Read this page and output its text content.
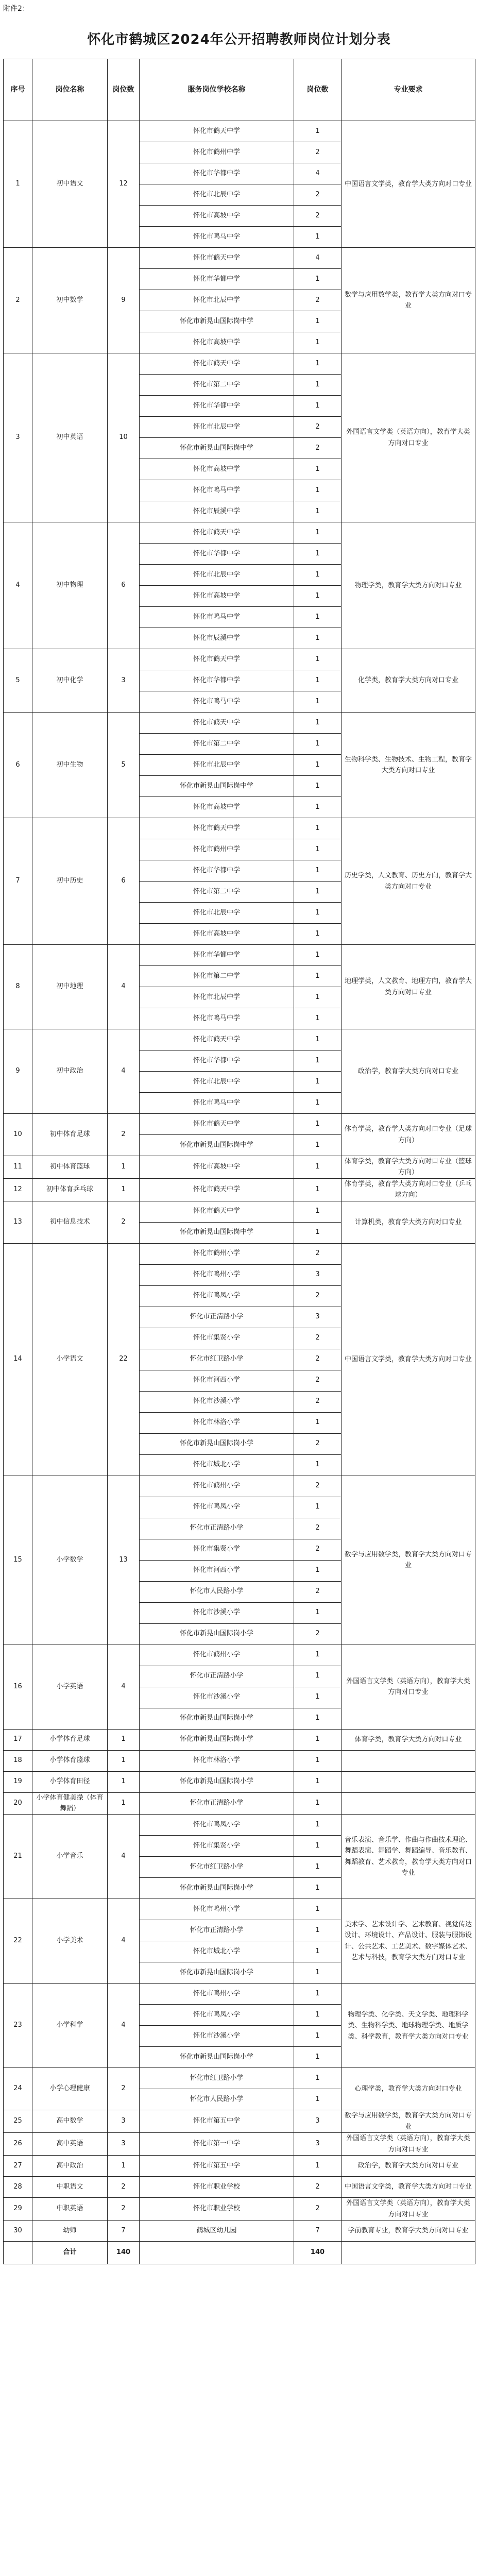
附件2：
怀化市鹤城区2024年公开招聘教师岗位计划分表
序号	岗位名称	岗位数	服务岗位学校名称	岗位数	专业要求
1	初中语文	12	怀化市鹤天中学	1	中国语言文学类，教育学大类方向对口专业
			怀化市鹤州中学	2	
			怀化市华都中学	4	
			怀化市北辰中学	2	
			怀化市高坡中学	2	
			怀化市鸣马中学	1	
2	初中数学	9	怀化市鹤天中学	4	数学与应用数学类，教育学大类方向对口专业
			怀化市华都中学	1	
			怀化市北辰中学	2	
			怀化市新晃山国际岗中学	1	
			怀化市高坡中学	1	
3	初中英语	10	怀化市鹤天中学	1	外国语言文学类（英语方向），教育学大类方向对口专业
			怀化市第二中学	1	
			怀化市华都中学	1	
			怀化市北辰中学	2	
			怀化市新晃山国际岗中学	2	
			怀化市高坡中学	1	
			怀化市鸣马中学	1	
			怀化市辰溪中学	1	
4	初中物理	6	怀化市鹤天中学	1	物理学类，教育学大类方向对口专业
			怀化市华都中学	1	
			怀化市北辰中学	1	
			怀化市高坡中学	1	
			怀化市鸣马中学	1	
			怀化市辰溪中学	1	
5	初中化学	3	怀化市鹤天中学	1	化学类，教育学大类方向对口专业
			怀化市华都中学	1	
			怀化市鸣马中学	1	
6	初中生物	5	怀化市鹤天中学	1	生物科学类、生物技术、生物工程，教育学大类方向对口专业
			怀化市第二中学	1	
			怀化市北辰中学	1	
			怀化市新晃山国际岗中学	1	
			怀化市高坡中学	1	
7	初中历史	6	怀化市鹤天中学	1	历史学类，人文教育、历史方向，教育学大类方向对口专业
			怀化市鹤州中学	1	
			怀化市华都中学	1	
			怀化市第二中学	1	
			怀化市北辰中学	1	
			怀化市高坡中学	1	
8	初中地理	4	怀化市华都中学	1	地理学类，人文教育、地理方向，教育学大类方向对口专业
			怀化市第二中学	1	
			怀化市北辰中学	1	
			怀化市鸣马中学	1	
9	初中政治	4	怀化市鹤天中学	1	政治学，教育学大类方向对口专业
			怀化市华都中学	1	
			怀化市北辰中学	1	
			怀化市鸣马中学	1	
10	初中体育足球	2	怀化市鹤天中学	1	体育学类，教育学大类方向对口专业（足球方向）
			怀化市新晃山国际岗中学	1	
11	初中体育篮球	1	怀化市高坡中学	1	体育学类，教育学大类方向对口专业（篮球方向）
12	初中体育乒乓球	1	怀化市鹤天中学	1	体育学类，教育学大类方向对口专业（乒乓球方向）
13	初中信息技术	2	怀化市鹤天中学	1	计算机类，教育学大类方向对口专业
			怀化市新晃山国际岗中学	1	
14	小学语文	22	怀化市鹤州小学	2	中国语言文学类，教育学大类方向对口专业
			怀化市鸣州小学	3	
			怀化市鸣凤小学	2	
			怀化市正清路小学	3	
			怀化市集贤小学	2	
			怀化市红卫路小学	2	
			怀化市河西小学	2	
			怀化市沙溪小学	2	
			怀化市林洛小学	1	
			怀化市新晃山国际岗小学	2	
			怀化市城北小学	1	
15	小学数学	13	怀化市鹤州小学	2	数学与应用数学类，教育学大类方向对口专业
			怀化市鸣凤小学	1	
			怀化市正清路小学	2	
			怀化市集贤小学	2	
			怀化市河西小学	1	
			怀化市人民路小学	2	
			怀化市沙溪小学	1	
			怀化市新晃山国际岗小学	2	
16	小学英语	4	怀化市鹤州小学	1	外国语言文学类（英语方向），教育学大类方向对口专业
			怀化市正清路小学	1	
			怀化市沙溪小学	1	
			怀化市新晃山国际岗小学	1	
17	小学体育足球	1	怀化市新晃山国际岗小学	1	体育学类，教育学大类方向对口专业
18	小学体育篮球	1	怀化市林洛小学	1	
19	小学体育田径	1	怀化市新晃山国际岗小学	1	
20	小学体育健美操（体育舞蹈）	1	怀化市正清路小学	1	
21	小学音乐	4	怀化市鸣凤小学	1	音乐表演、音乐学、作曲与作曲技术理论、舞蹈表演、舞蹈学、舞蹈编导、音乐教育、舞蹈教育、艺术教育，教育学大类方向对口专业
			怀化市集贤小学	1	
			怀化市红卫路小学	1	
			怀化市新晃山国际岗小学	1	
22	小学美术	4	怀化市鸣州小学	1	美术学、艺术设计学、艺术教育、视觉传达设计、环境设计、产品设计、服装与服饰设计、公共艺术、工艺美术、数字媒体艺术、艺术与科技，教育学大类方向对口专业
			怀化市正清路小学	1	
			怀化市城北小学	1	
			怀化市新晃山国际岗小学	1	
23	小学科学	4	怀化市鸣州小学	1	物理学类、化学类、天文学类、地理科学类、生物科学类、地球物理学类、地质学类、科学教育，教育学大类方向对口专业
			怀化市鸣凤小学	1	
			怀化市沙溪小学	1	
			怀化市新晃山国际岗小学	1	
24	小学心理健康	2	怀化市红卫路小学	1	心理学类，教育学大类方向对口专业
			怀化市人民路小学	1	
25	高中数学	3	怀化市第五中学	3	数学与应用数学类，教育学大类方向对口专业
26	高中英语	3	怀化市第一中学	3	外国语言文学类（英语方向），教育学大类方向对口专业
27	高中政治	1	怀化市第五中学	1	政治学，教育学大类方向对口专业
28	中职语文	2	怀化市职业学校	2	中国语言文学类，教育学大类方向对口专业
29	中职英语	2	怀化市职业学校	2	外国语言文学类（英语方向），教育学大类方向对口专业
30	幼师	7	鹤城区幼儿园	7	学前教育专业，教育学大类方向对口专业
	合计	140		140	
